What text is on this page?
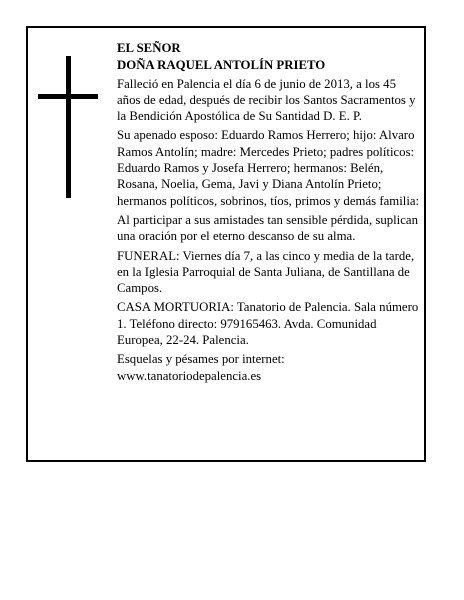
EL SEÑOR
DOÑA RAQUEL ANTOLÍN PRIETO

Falleció en Palencia el día 6 de junio de 2013, a los 45 años de edad, después de recibir los Santos Sacramentos y la Bendición Apostólica de Su Santidad D. E. P.

Su apenado esposo: Eduardo Ramos Herrero; hijo: Alvaro Ramos Antolín; madre: Mercedes Prieto; padres políticos: Eduardo Ramos y Josefa Herrero; hermanos: Belén, Rosana, Noelia, Gema, Javi y Diana Antolín Prieto; hermanos políticos, sobrinos, tíos, primos y demás familia:

Al participar a sus amistades tan sensible pérdida, suplican una oración por el eterno descanso de su alma.

FUNERAL: Viernes día 7, a las cinco y media de la tarde, en la Iglesia Parroquial de Santa Juliana, de Santillana de Campos.

CASA MORTUORIA: Tanatorio de Palencia. Sala número 1. Teléfono directo: 979165463. Avda. Comunidad Europea, 22-24. Palencia.

Esquelas y pésames por internet: www.tanatoriodepalencia.es
